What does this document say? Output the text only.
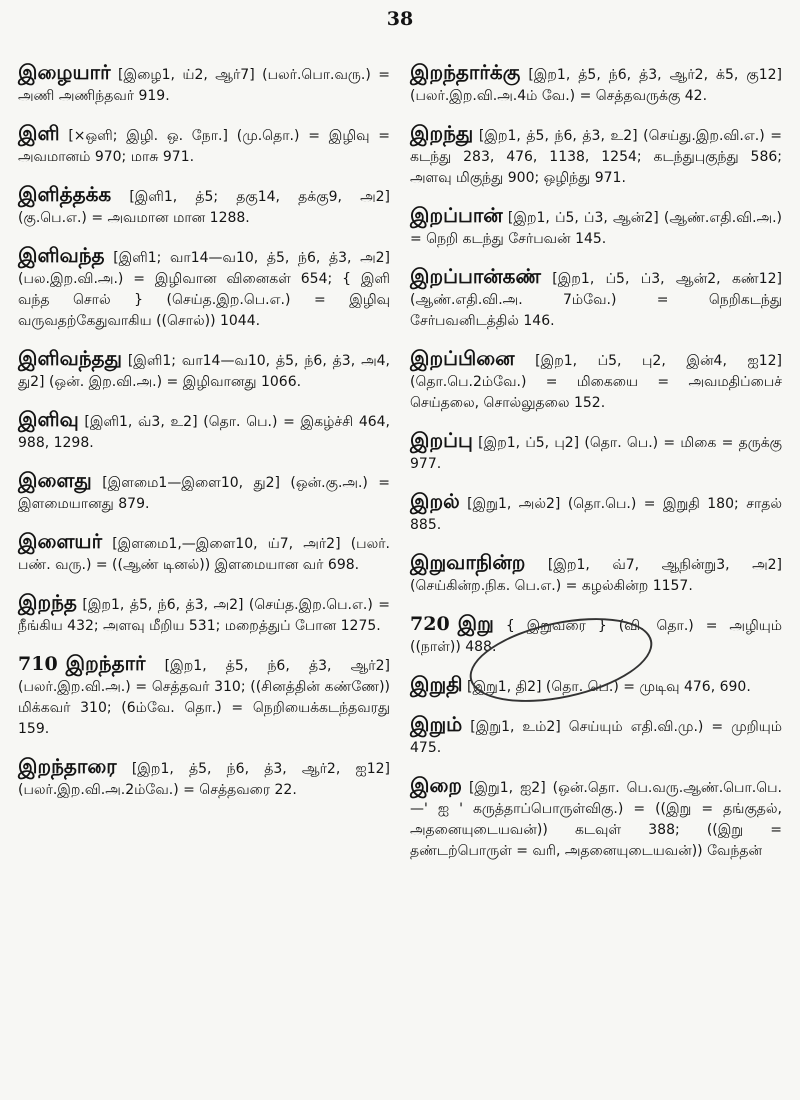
38

இழையார் [இழை1, ய்2, ஆர்7] (பலர்.பொ.வரு.) = அணி அணிந்தவர் 919.

இளி [×ஒளி; இழி. ஒ. நோ.] (மு.தொ.) = இழிவு = அவமானம் 970; மாசு 971.

இளித்தக்க [இளி1, த்5; தகு14, தக்கு9, அ2] (கு.பெ.எ.) = அவமான மான 1288.

இளிவந்த [இளி1; வா14—வ10, த்5, ந்6, த்3, அ2] (பல.இற.வி.அ.) = இழிவான வினைகள் 654; { இளி வந்த சொல் } (செய்த.இற.பெ.எ.) = இழிவு வருவதற்கேதுவாகிய ((சொல்)) 1044.

இளிவந்தது [இளி1; வா14—வ10, த்5, ந்6, த்3, அ4, து2] (ஒன். இற.வி.அ.) = இழிவானது 1066.

இளிவு [இளி1, வ்3, உ2] (தொ. பெ.) = இகழ்ச்சி 464, 988, 1298.

இளைது [இளமை1—இளை10, து2] (ஒன்.கு.அ.) = இளமையானது 879.

இளையர் [இளமை1,—இளை10, ய்7, அர்2] (பலர். பண். வரு.) = ((ஆண் டினல்)) இளமையான வர் 698.

இறந்த [இற1, த்5, ந்6, த்3, அ2] (செய்த.இற.பெ.எ.) = நீங்கிய 432; அளவு மீறிய 531; மறைத்துப் போன 1275.

710 இறந்தார் [இற1, த்5, ந்6, த்3, ஆர்2] (பலர்.இற.வி.அ.) = செத்தவர் 310; ((சினத்தின் கண்ணே)) மிக்கவர் 310; (6ம்வே. தொ.) = நெறியைக்கடந்தவரது 159.

இறந்தாரை [இற1, த்5, ந்6, த்3, ஆர்2, ஐ12] (பலர்.இற.வி.அ.2ம்வே.) = செத்தவரை 22.

இறந்தார்க்கு [இற1, த்5, ந்6, த்3, ஆர்2, க்5, கு12] (பலர்.இற.வி.அ.4ம் வே.) = செத்தவருக்கு 42.

இறந்து [இற1, த்5, ந்6, த்3, உ2] (செய்து.இற.வி.எ.) = கடந்து 283, 476, 1138, 1254; கடந்துபுகுந்து 586; அளவு மிகுந்து 900; ஒழிந்து 971.

இறப்பான் [இற1, ப்5, ப்3, ஆன்2] (ஆண்.எதி.வி.அ.) = நெறி கடந்து சேர்பவன் 145.

இறப்பான்கண் [இற1, ப்5, ப்3, ஆன்2, கண்12] (ஆண்.எதி.வி.அ. 7ம்வே.) = நெறிகடந்து சேர்பவனிடத்தில் 146.

இறப்பினை [இற1, ப்5, பு2, இன்4, ஐ12] (தொ.பெ.2ம்வே.) = மிகையை = அவமதிப்பைச் செய்தலை, சொல்லுதலை 152.

இறப்பு [இற1, ப்5, பு2] (தொ. பெ.) = மிகை = தருக்கு 977.

இறல் [இறு1, அல்2] (தொ.பெ.) = இறுதி 180; சாதல் 885.

இறுவாநின்ற [இற1, வ்7, ஆநின்று3, அ2] (செய்கின்ற.நிக. பெ.எ.) = கழல்கின்ற 1157.

720 இறு { இறுவரை } (வி. தொ.) = அழியும் ((நாள்)) 488.

இறுதி [இறு1, தி2] (தொ. பெ.) = முடிவு 476, 690.

இறும் [இறு1, உம்2] செய்யும் எதி.வி.மு.) = முறியும் 475.

இறை [இறு1, ஐ2] (ஒன்.தொ. பெ.வரு.ஆண்.பொ.பெ.—' ஐ ' கருத்தாப்பொருள்விகு.) = ((இறு = தங்குதல், அதனையுடையவன்)) கடவுள் 388; ((இறு = தண்டற்பொருள் = வரி, அதனையுடையவன்)) வேந்தன்
